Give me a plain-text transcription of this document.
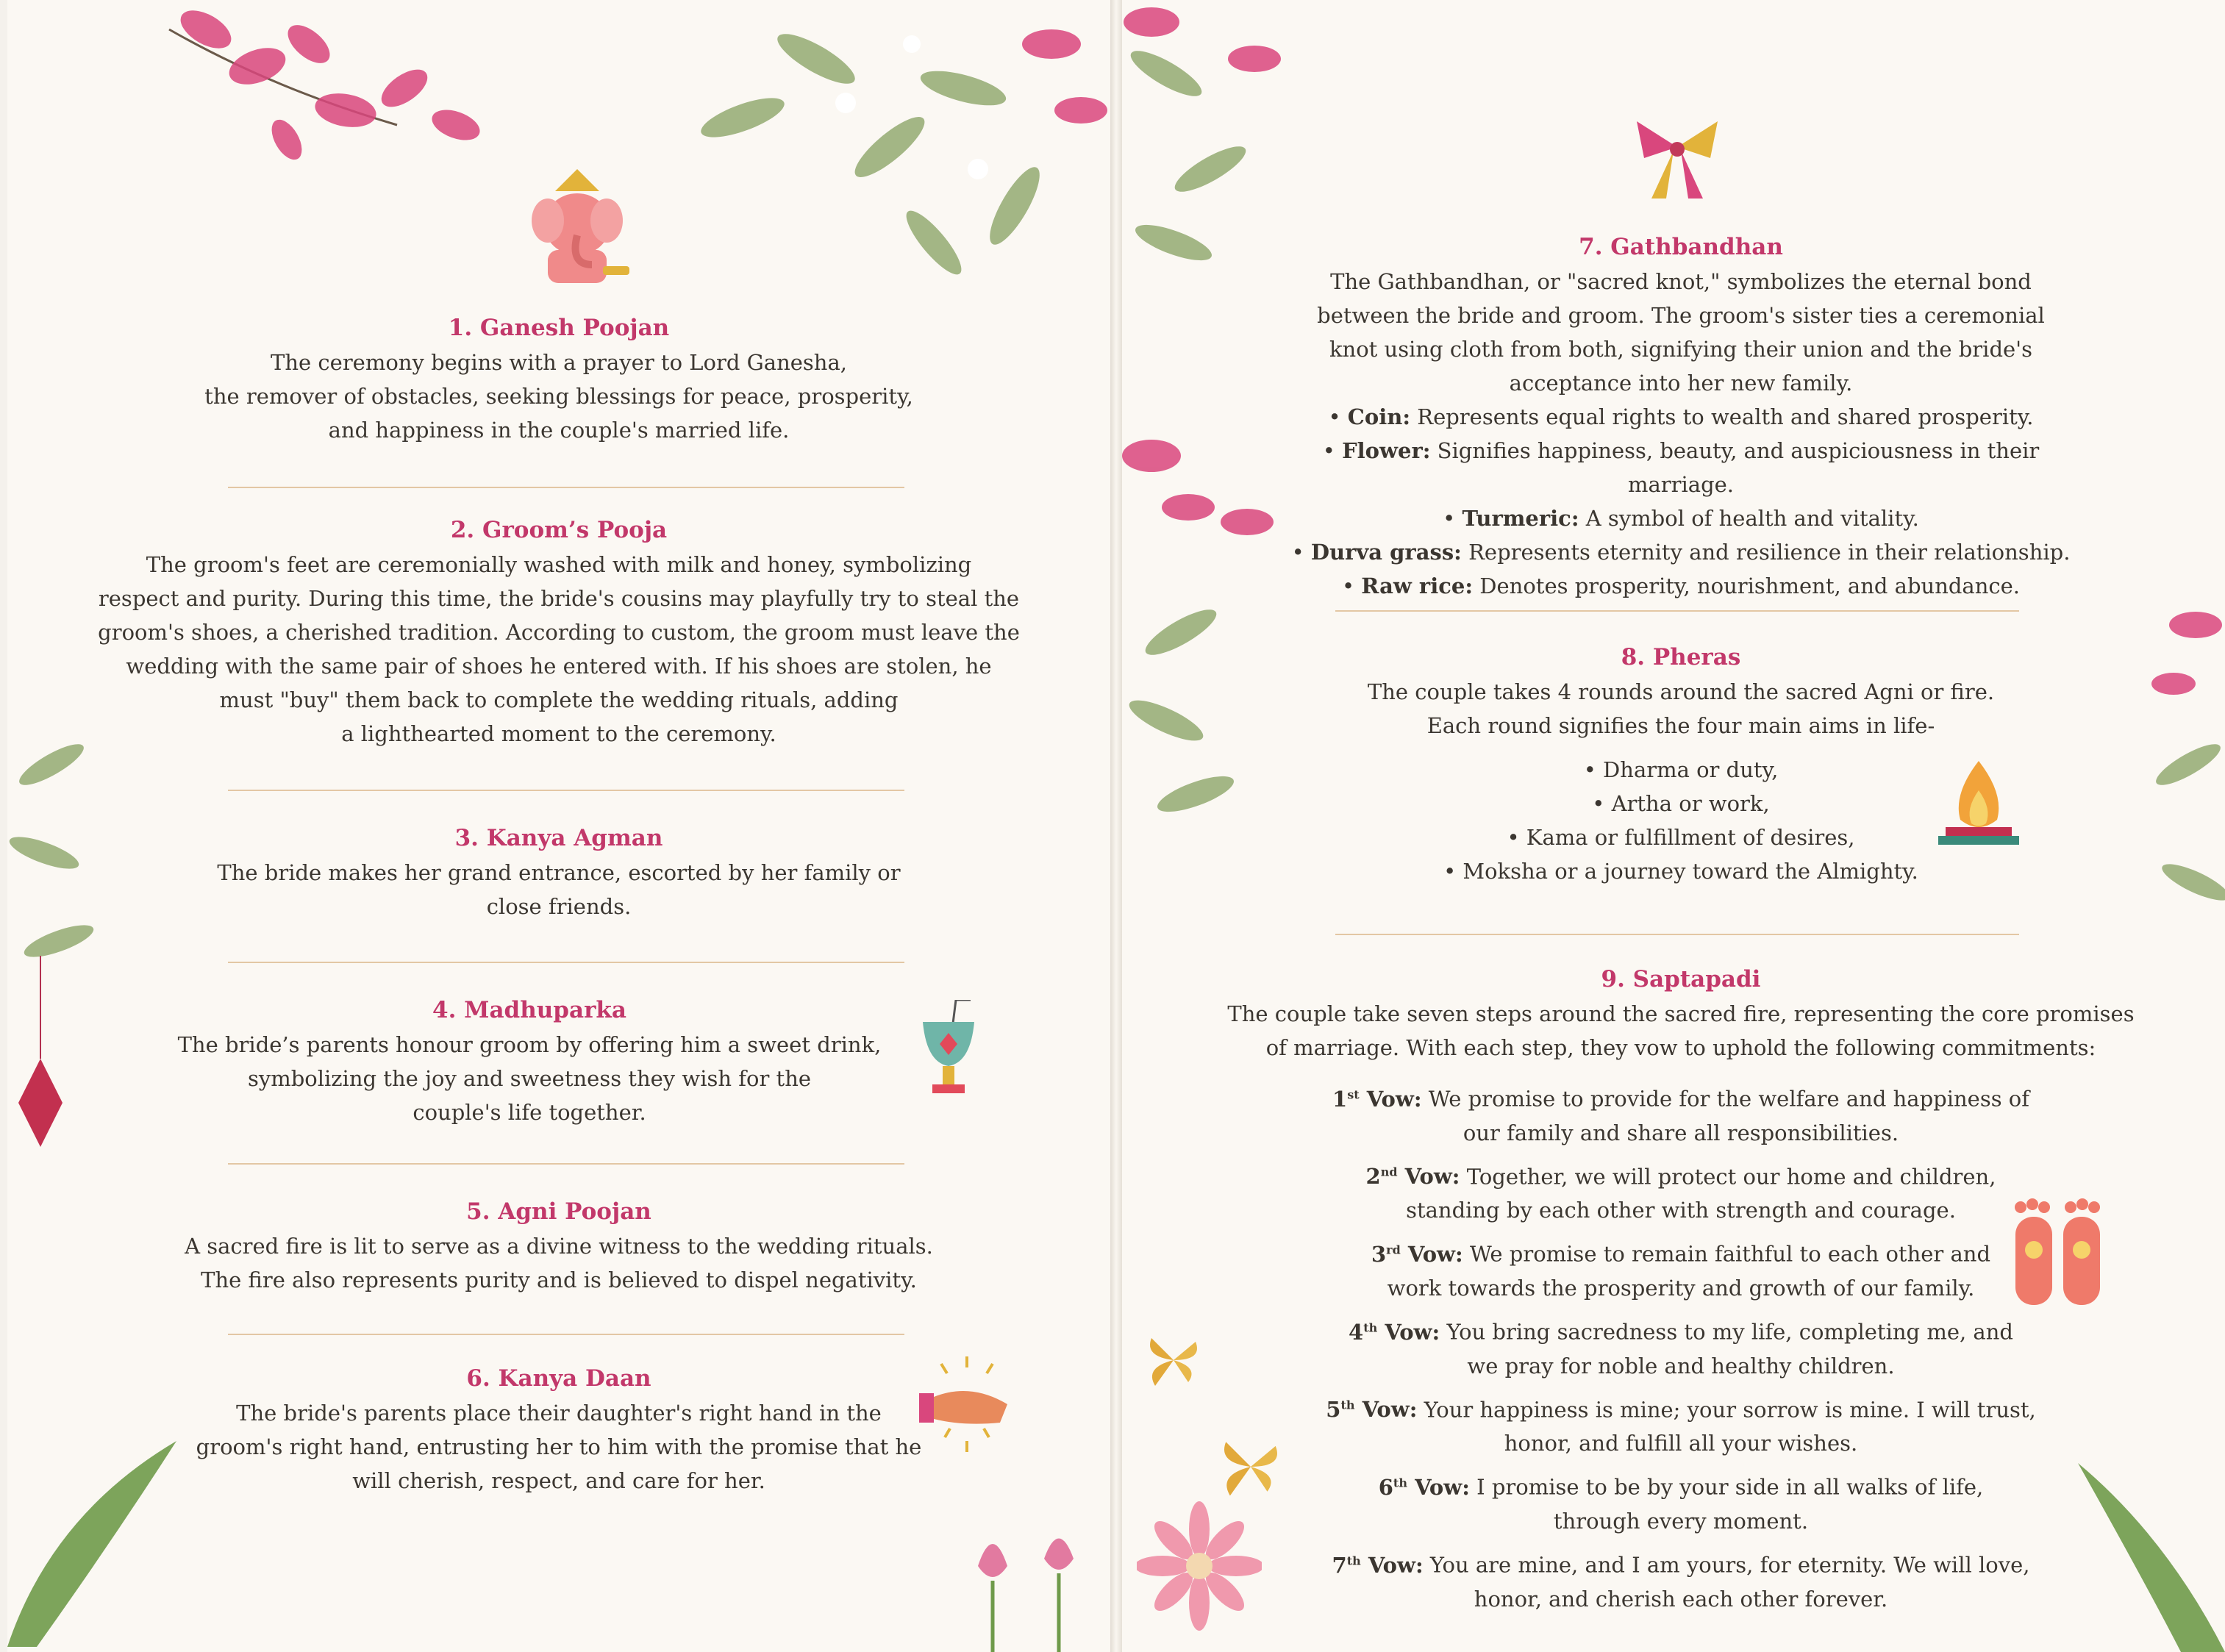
1. Ganesh Poojan

The ceremony begins with a prayer to Lord Ganesha,
the remover of obstacles, seeking blessings for peace, prosperity,
and happiness in the couple's married life.

2. Groom’s Pooja

The groom's feet are ceremonially washed with milk and honey, symbolizing
respect and purity. During this time, the bride's cousins may playfully try to steal the
groom's shoes, a cherished tradition. According to custom, the groom must leave the
wedding with the same pair of shoes he entered with. If his shoes are stolen, he
must "buy" them back to complete the wedding rituals, adding
a lighthearted moment to the ceremony.

3. Kanya Agman

The bride makes her grand entrance, escorted by her family or
close friends.

4. Madhuparka

The bride’s parents honour groom by offering him a sweet drink,
symbolizing the joy and sweetness they wish for the
couple's life together.

5. Agni Poojan

A sacred fire is lit to serve as a divine witness to the wedding rituals.
The fire also represents purity and is believed to dispel negativity.

6. Kanya Daan

The bride's parents place their daughter's right hand in the
groom's right hand, entrusting her to him with the promise that he
will cherish, respect, and care for her.

7. Gathbandhan

The Gathbandhan, or "sacred knot," symbolizes the eternal bond
between the bride and groom. The groom's sister ties a ceremonial
knot using cloth from both, signifying their union and the bride's
acceptance into her new family.

• Coin: Represents equal rights to wealth and shared prosperity.
• Flower: Signifies happiness, beauty, and auspiciousness in their marriage.
• Turmeric: A symbol of health and vitality.
• Durva grass: Represents eternity and resilience in their relationship.
• Raw rice: Denotes prosperity, nourishment, and abundance.

8. Pheras

The couple takes 4 rounds around the sacred Agni or fire.
Each round signifies the four main aims in life-

• Dharma or duty,
• Artha or work,
• Kama or fulfillment of desires,
• Moksha or a journey toward the Almighty.

9. Saptapadi

The couple take seven steps around the sacred fire, representing the core promises
of marriage. With each step, they vow to uphold the following commitments:

1st Vow: We promise to provide for the welfare and happiness of
our family and share all responsibilities.

2nd Vow: Together, we will protect our home and children,
standing by each other with strength and courage.

3rd Vow: We promise to remain faithful to each other and
work towards the prosperity and growth of our family.

4th Vow: You bring sacredness to my life, completing me, and
we pray for noble and healthy children.

5th Vow: Your happiness is mine; your sorrow is mine. I will trust,
honor, and fulfill all your wishes.

6th Vow: I promise to be by your side in all walks of life,
through every moment.

7th Vow: You are mine, and I am yours, for eternity. We will love,
honor, and cherish each other forever.
